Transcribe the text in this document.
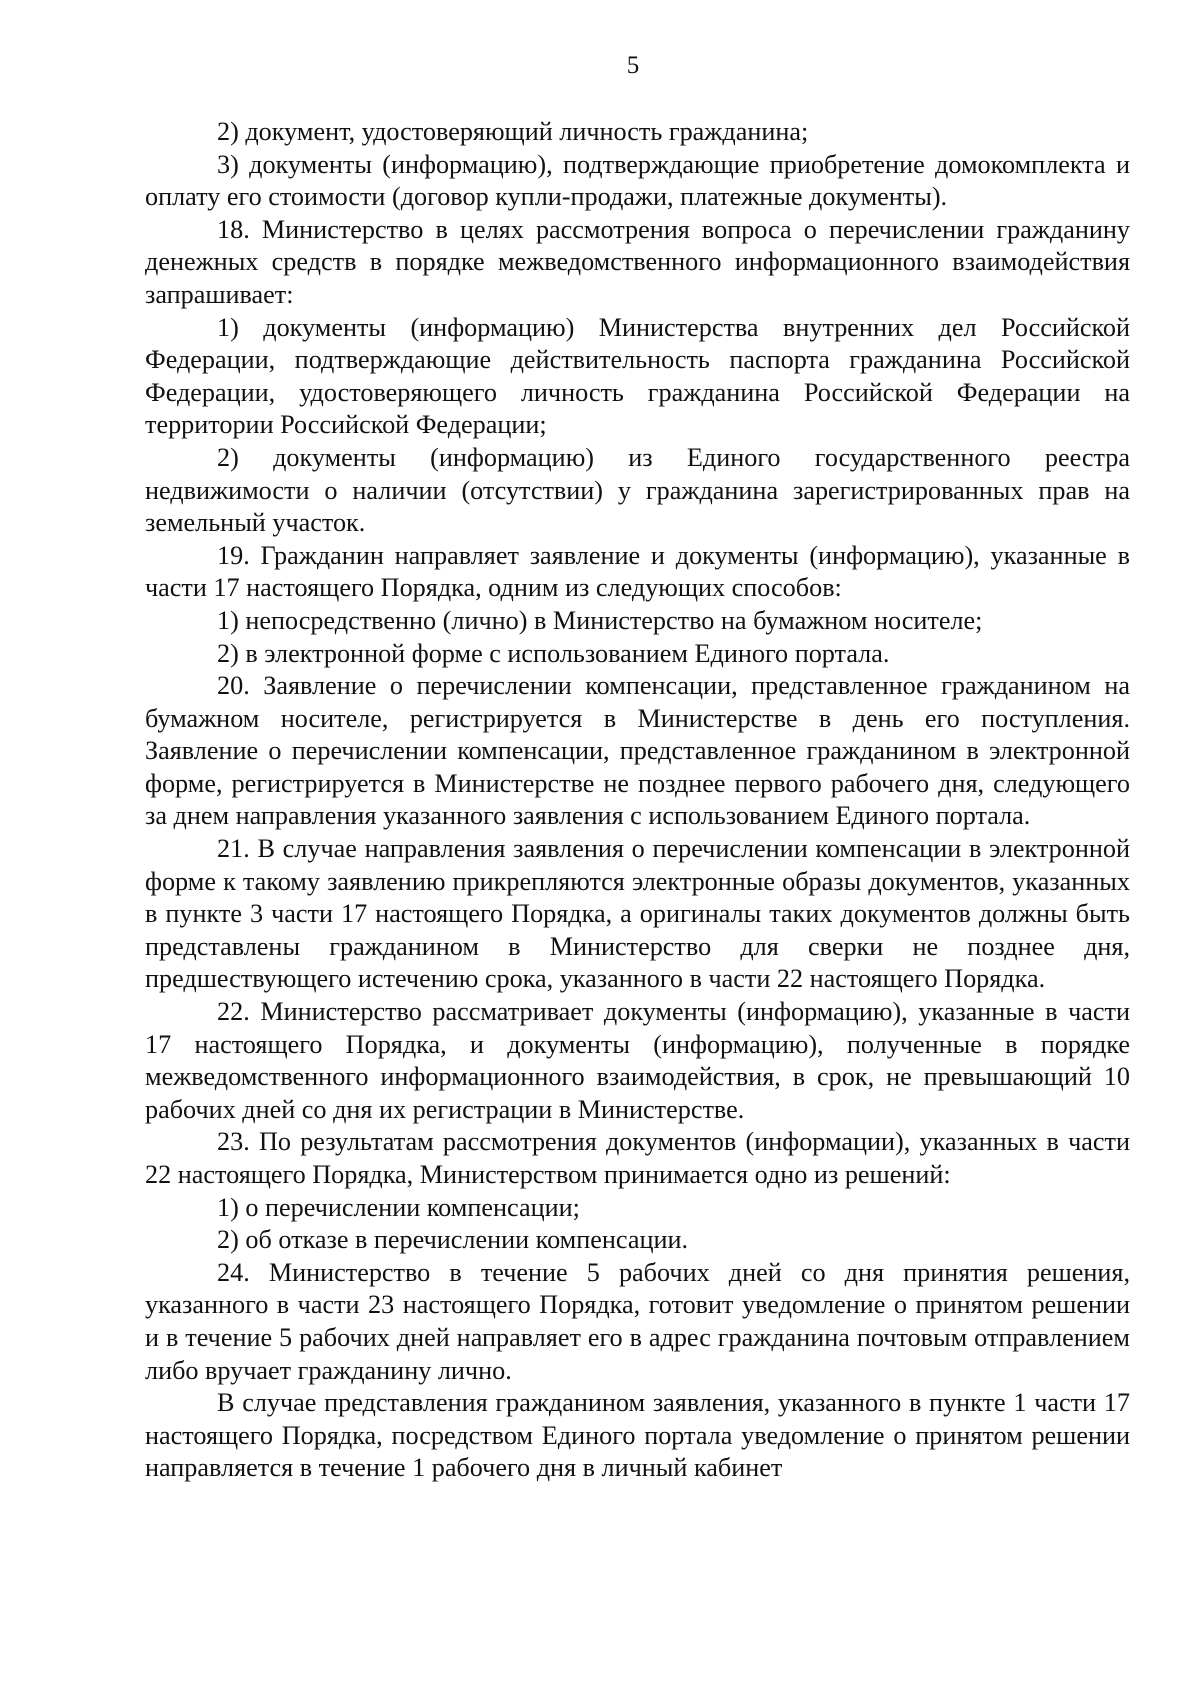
5

2) документ, удостоверяющий личность гражданина;

3) документы (информацию), подтверждающие приобретение домокомплекта и оплату его стоимости (договор купли-продажи, платежные документы).

18. Министерство в целях рассмотрения вопроса о перечислении гражданину денежных средств в порядке межведомственного информационного взаимодействия запрашивает:

1) документы (информацию) Министерства внутренних дел Российской Федерации, подтверждающие действительность паспорта гражданина Российской Федерации, удостоверяющего личность гражданина Российской Федерации на территории Российской Федерации;

2) документы (информацию) из Единого государственного реестра недвижимости о наличии (отсутствии) у гражданина зарегистрированных прав на земельный участок.

19. Гражданин направляет заявление и документы (информацию), указанные в части 17 настоящего Порядка, одним из следующих способов:

1) непосредственно (лично) в Министерство на бумажном носителе;

2) в электронной форме с использованием Единого портала.

20. Заявление о перечислении компенсации, представленное гражданином на бумажном носителе, регистрируется в Министерстве в день его поступления. Заявление о перечислении компенсации, представленное гражданином в электронной форме, регистрируется в Министерстве не позднее первого рабочего дня, следующего за днем направления указанного заявления с использованием Единого портала.

21. В случае направления заявления о перечислении компенсации в электронной форме к такому заявлению прикрепляются электронные образы документов, указанных в пункте 3 части 17 настоящего Порядка, а оригиналы таких документов должны быть представлены гражданином в Министерство для сверки не позднее дня, предшествующего истечению срока, указанного в части 22 настоящего Порядка.

22. Министерство рассматривает документы (информацию), указанные в части 17 настоящего Порядка, и документы (информацию), полученные в порядке межведомственного информационного взаимодействия, в срок, не превышающий 10 рабочих дней со дня их регистрации в Министерстве.

23. По результатам рассмотрения документов (информации), указанных в части 22 настоящего Порядка, Министерством принимается одно из решений:

1) о перечислении компенсации;

2) об отказе в перечислении компенсации.

24. Министерство в течение 5 рабочих дней со дня принятия решения, указанного в части 23 настоящего Порядка, готовит уведомление о принятом решении и в течение 5 рабочих дней направляет его в адрес гражданина почтовым отправлением либо вручает гражданину лично.

В случае представления гражданином заявления, указанного в пункте 1 части 17 настоящего Порядка, посредством Единого портала уведомление о принятом решении направляется в течение 1 рабочего дня в личный кабинет
